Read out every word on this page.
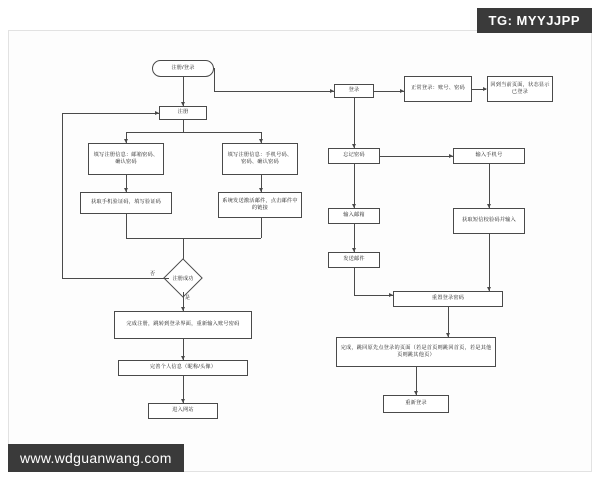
注册/登录
注册
填写注册信息：邮箱密码、确认密码
填写注册信息：手机号码、密码、确认密码
获取手机验证码，填写验证码	系统发送激活邮件，点击邮件中的链接
注册成功
否
是
完成注册，跳转到登录界面，重新输入账号密码
完善个人信息（昵称/头像）
进入网站
登录	正常登录：账号、密码
回到当前页面，状态显示已登录
忘记密码	输入手机号
输入邮箱
获取短信校验码并输入
发送邮件
重置登录密码
完成，跳回原先点登录的页面（若是首页则跳回首页，若是其他页则跳其他页）
重新登录
TG: MYYJJPP
www.wdguanwang.com
